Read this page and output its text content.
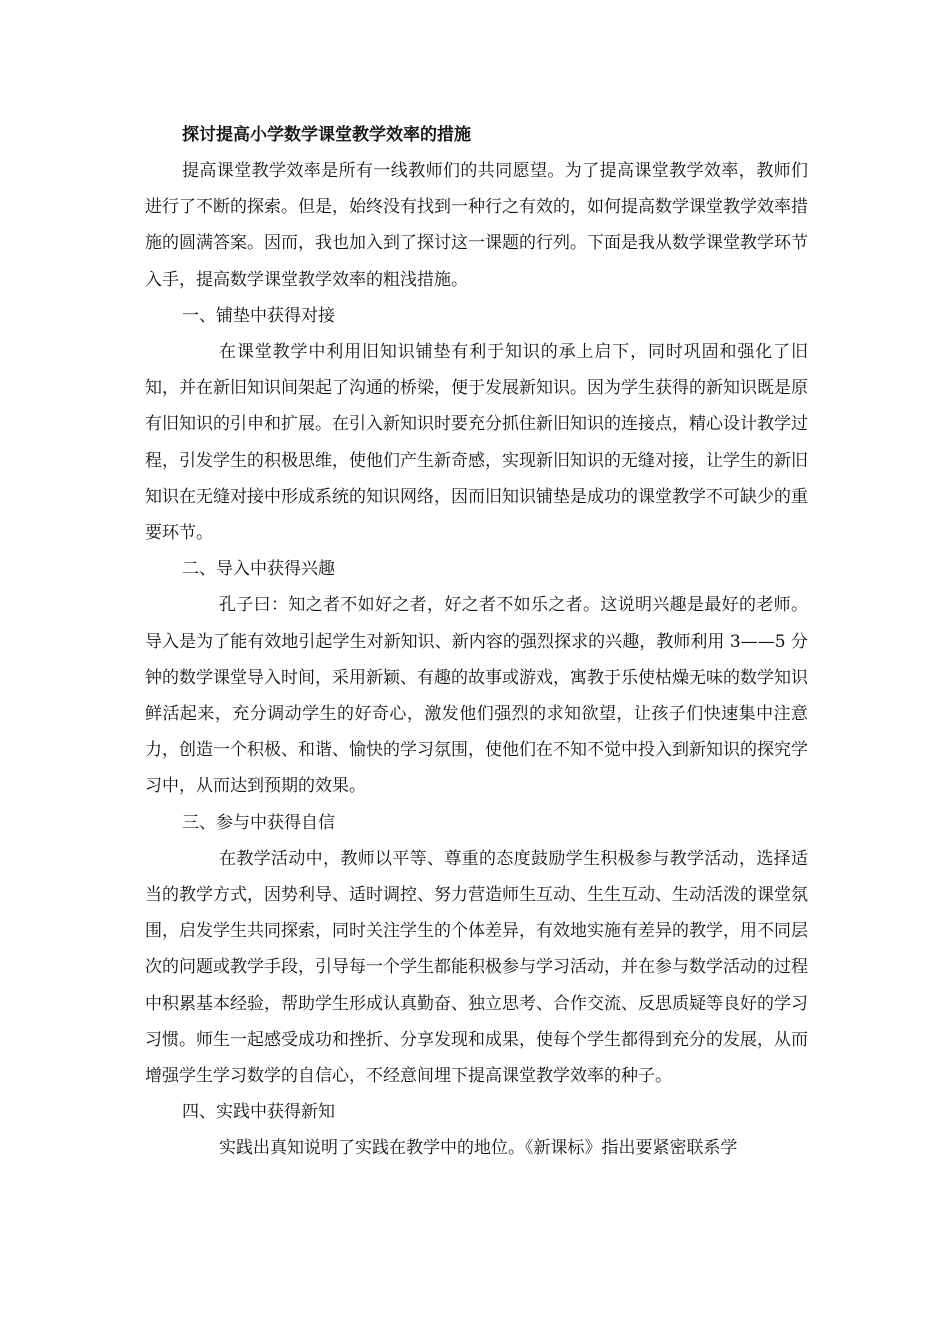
探讨提高小学数学课堂教学效率的措施

提高课堂教学效率是所有一线教师们的共同愿望。为了提高课堂教学效率，教师们进行了不断的探索。但是，始终没有找到一种行之有效的，如何提高数学课堂教学效率措施的圆满答案。因而，我也加入到了探讨这一课题的行列。下面是我从数学课堂教学环节入手，提高数学课堂教学效率的粗浅措施。

一、铺垫中获得对接

在课堂教学中利用旧知识铺垫有利于知识的承上启下，同时巩固和强化了旧知，并在新旧知识间架起了沟通的桥梁，便于发展新知识。因为学生获得的新知识既是原有旧知识的引申和扩展。在引入新知识时要充分抓住新旧知识的连接点，精心设计教学过程，引发学生的积极思维，使他们产生新奇感，实现新旧知识的无缝对接，让学生的新旧知识在无缝对接中形成系统的知识网络，因而旧知识铺垫是成功的课堂教学不可缺少的重要环节。

二、导入中获得兴趣

孔子曰：知之者不如好之者，好之者不如乐之者。这说明兴趣是最好的老师。导入是为了能有效地引起学生对新知识、新内容的强烈探求的兴趣，教师利用 3——5 分钟的数学课堂导入时间，采用新颖、有趣的故事或游戏，寓教于乐使枯燥无味的数学知识鲜活起来，充分调动学生的好奇心，激发他们强烈的求知欲望，让孩子们快速集中注意力，创造一个积极、和谐、愉快的学习氛围，使他们在不知不觉中投入到新知识的探究学习中，从而达到预期的效果。

三、参与中获得自信

在教学活动中，教师以平等、尊重的态度鼓励学生积极参与教学活动，选择适当的教学方式，因势利导、适时调控、努力营造师生互动、生生互动、生动活泼的课堂氛围，启发学生共同探索，同时关注学生的个体差异，有效地实施有差异的教学，用不同层次的问题或教学手段，引导每一个学生都能积极参与学习活动，并在参与数学活动的过程中积累基本经验，帮助学生形成认真勤奋、独立思考、合作交流、反思质疑等良好的学习习惯。师生一起感受成功和挫折、分享发现和成果，使每个学生都得到充分的发展，从而增强学生学习数学的自信心，不经意间埋下提高课堂教学效率的种子。

四、实践中获得新知

实践出真知说明了实践在教学中的地位。《新课标》指出要紧密联系学
